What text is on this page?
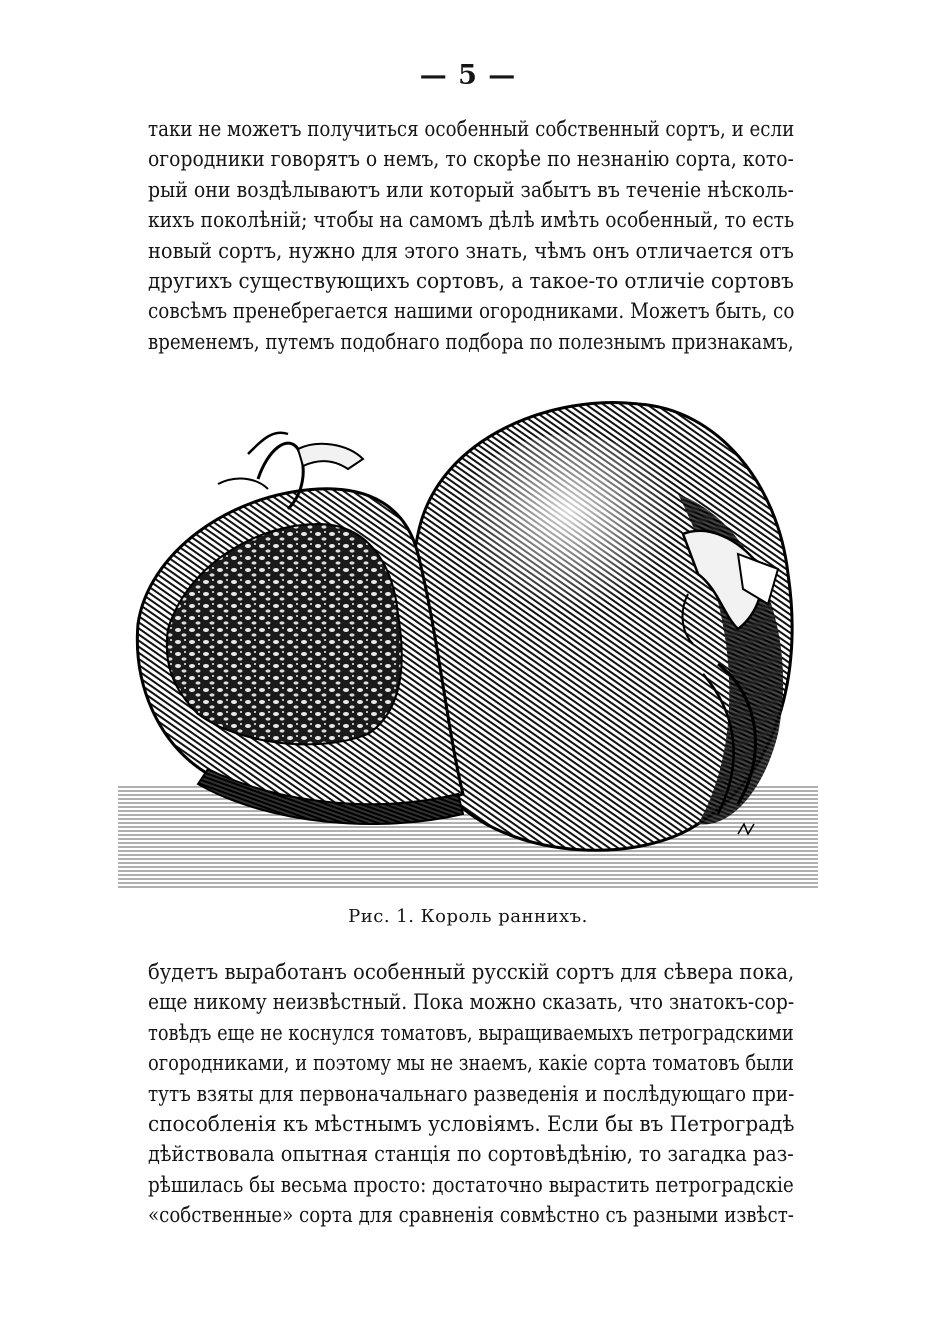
— 5 —
таки не можетъ получиться особенный собственный сортъ, и если
огородники говорятъ о немъ, то скорѣе по незнанію сорта, кото-
рый они воздѣлываютъ или который забытъ въ теченіе нѣсколь-
кихъ поколѣній; чтобы на самомъ дѣлѣ имѣть особенный, то есть
новый сортъ, нужно для этого знать, чѣмъ онъ отличается отъ
другихъ существующихъ сортовъ, а такое-то отличіе сортовъ
совсѣмъ пренебрегается нашими огородниками. Можетъ быть, со
временемъ, путемъ подобнаго подбора по полезнымъ признакамъ,
Рис. 1. Король раннихъ.
будетъ выработанъ особенный русскій сортъ для сѣвера пока,
еще никому неизвѣстный. Пока можно сказать, что знатокъ-сор-
товѣдъ еще не коснулся томатовъ, выращиваемыхъ петроградскими
огородниками, и поэтому мы не знаемъ, какіе сорта томатовъ были
тутъ взяты для первоначальнаго разведенія и послѣдующаго при-
способленія къ мѣстнымъ условіямъ. Если бы въ Петроградѣ
дѣйствовала опытная станція по сортовѣдѣнію, то загадка раз-
рѣшилась бы весьма просто: достаточно вырастить петроградскіе
«собственные» сорта для сравненія совмѣстно съ разными извѣст-
